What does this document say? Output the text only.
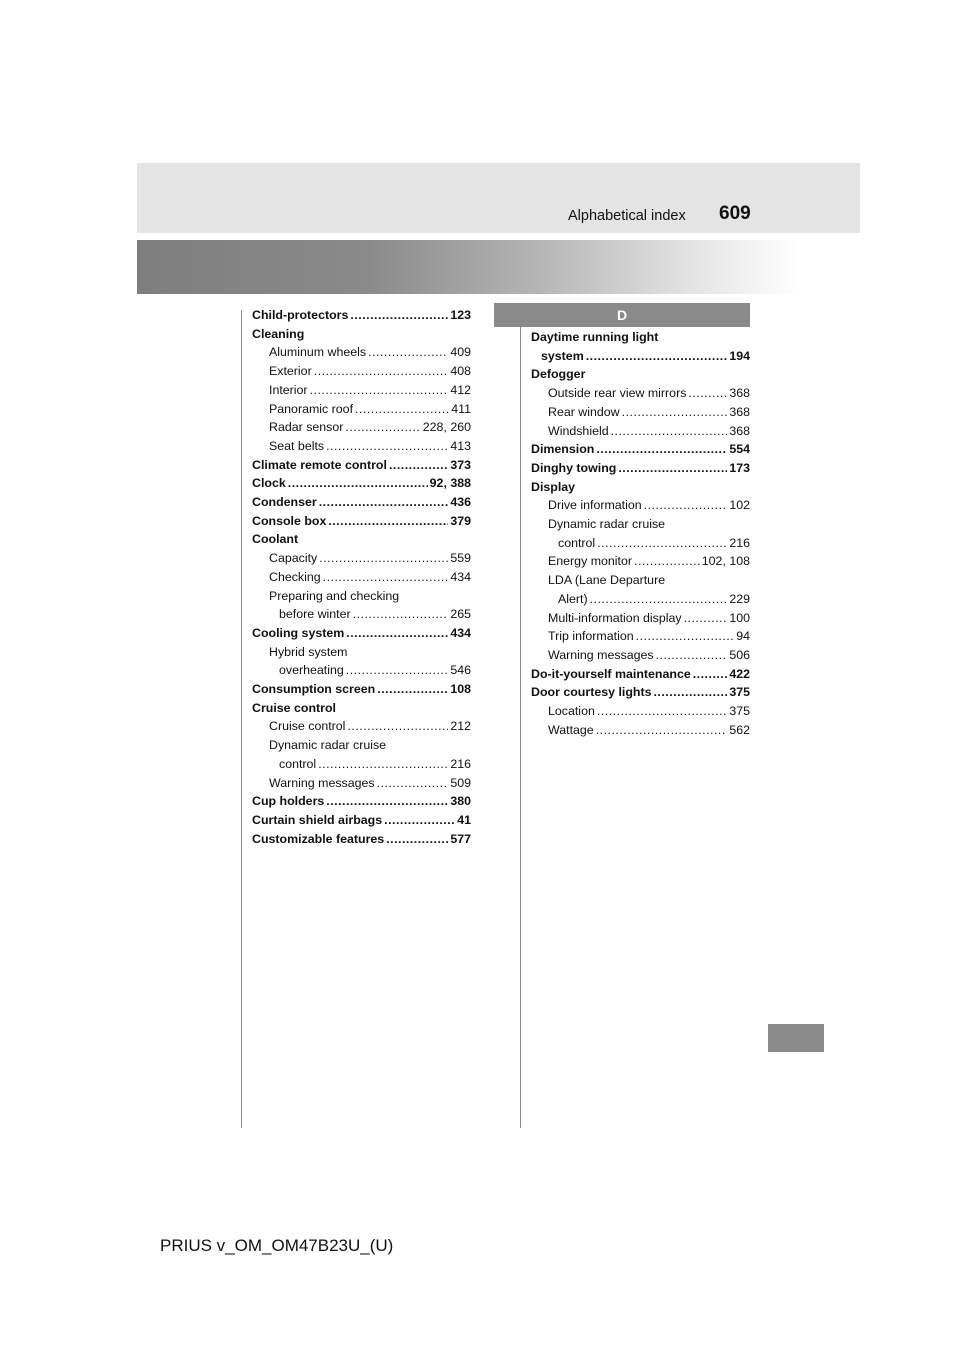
Alphabetical index 609
D
Child-protectors .....	123
Cleaning
Aluminum wheels .....	409
Exterior .....	408
Interior .....	412
Panoramic roof .....	411
Radar sensor .....	228, 260
Seat belts .....	413
Climate remote control .....	373
Clock .....	92, 388
Condenser .....	436
Console box .....	379
Coolant
Capacity .....	559
Checking .....	434
Preparing and checking
before winter .....	265
Cooling system .....	434
Hybrid system
overheating .....	546
Consumption screen .....	108
Cruise control
Cruise control .....	212
Dynamic radar cruise
control .....	216
Warning messages .....	509
Cup holders .....	380
Curtain shield airbags .....	41
Customizable features .....	577
Daytime running light
system .....	194
Defogger
Outside rear view mirrors .....	368
Rear window .....	368
Windshield .....	368
Dimension .....	554
Dinghy towing .....	173
Display
Drive information .....	102
Dynamic radar cruise
control .....	216
Energy monitor .....	102, 108
LDA (Lane Departure
Alert) .....	229
Multi-information display .....	100
Trip information .....	94
Warning messages .....	506
Do-it-yourself maintenance .....	422
Door courtesy lights .....	375
Location .....	375
Wattage .....	562
PRIUS v_OM_OM47B23U_(U)
